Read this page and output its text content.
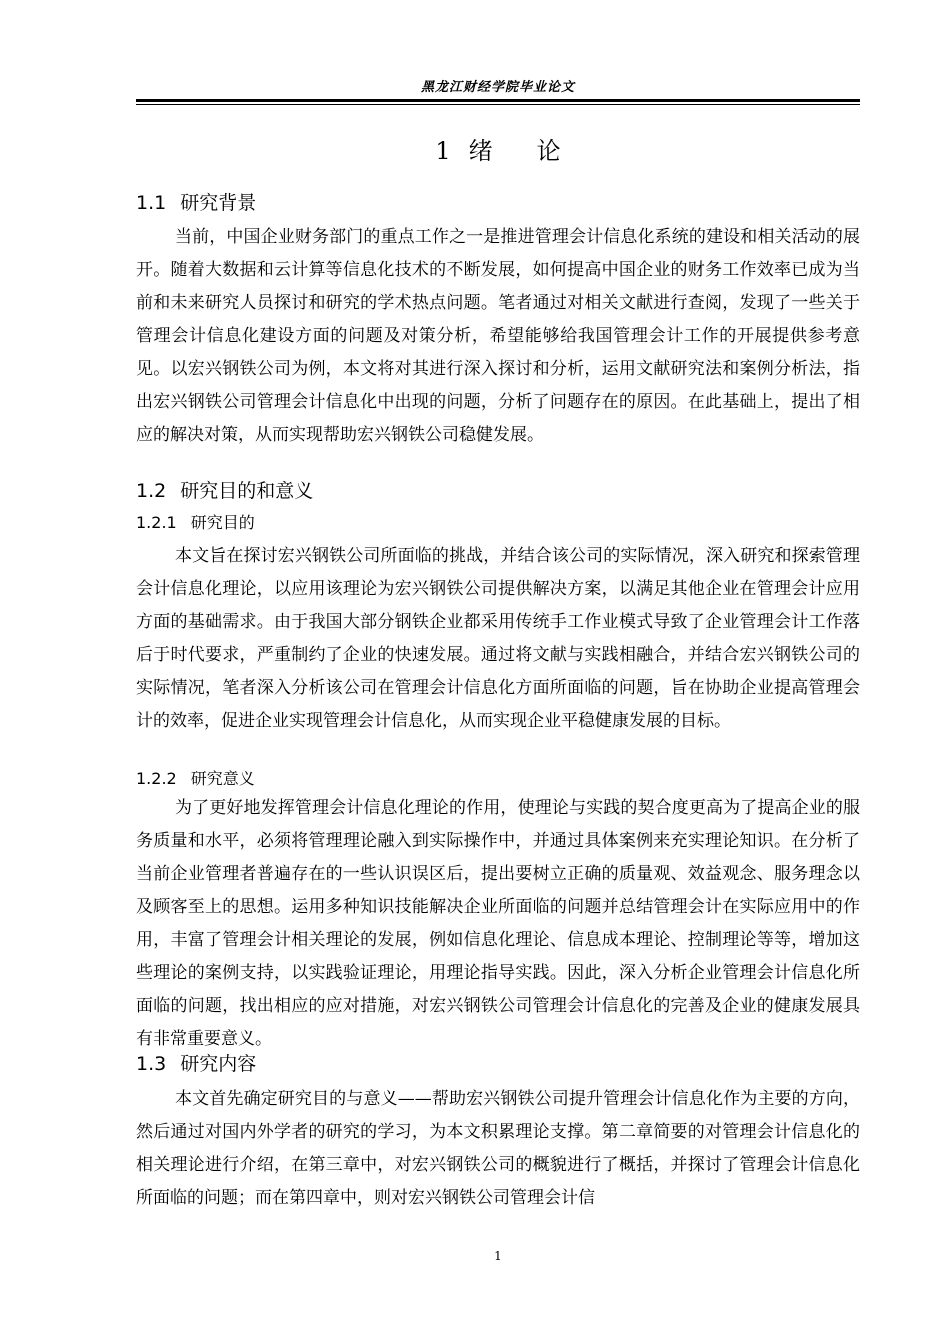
黑龙江财经学院毕业论文
1 绪 论
1.1 研究背景
当前，中国企业财务部门的重点工作之一是推进管理会计信息化系统的建设和相关活动的展开。随着大数据和云计算等信息化技术的不断发展，如何提高中国企业的财务工作效率已成为当前和未来研究人员探讨和研究的学术热点问题。笔者通过对相关文献进行查阅，发现了一些关于管理会计信息化建设方面的问题及对策分析，希望能够给我国管理会计工作的开展提供参考意见。以宏兴钢铁公司为例，本文将对其进行深入探讨和分析，运用文献研究法和案例分析法，指出宏兴钢铁公司管理会计信息化中出现的问题，分析了问题存在的原因。在此基础上，提出了相应的解决对策，从而实现帮助宏兴钢铁公司稳健发展。
1.2 研究目的和意义
1.2.1 研究目的
本文旨在探讨宏兴钢铁公司所面临的挑战，并结合该公司的实际情况，深入研究和探索管理会计信息化理论，以应用该理论为宏兴钢铁公司提供解决方案，以满足其他企业在管理会计应用方面的基础需求。由于我国大部分钢铁企业都采用传统手工作业模式导致了企业管理会计工作落后于时代要求，严重制约了企业的快速发展。通过将文献与实践相融合，并结合宏兴钢铁公司的实际情况，笔者深入分析该公司在管理会计信息化方面所面临的问题，旨在协助企业提高管理会计的效率，促进企业实现管理会计信息化，从而实现企业平稳健康发展的目标。
1.2.2 研究意义
为了更好地发挥管理会计信息化理论的作用，使理论与实践的契合度更高为了提高企业的服务质量和水平，必须将管理理论融入到实际操作中，并通过具体案例来充实理论知识。在分析了当前企业管理者普遍存在的一些认识误区后，提出要树立正确的质量观、效益观念、服务理念以及顾客至上的思想。运用多种知识技能解决企业所面临的问题并总结管理会计在实际应用中的作用，丰富了管理会计相关理论的发展，例如信息化理论、信息成本理论、控制理论等等，增加这些理论的案例支持，以实践验证理论，用理论指导实践。因此，深入分析企业管理会计信息化所面临的问题，找出相应的应对措施，对宏兴钢铁公司管理会计信息化的完善及企业的健康发展具有非常重要意义。
1.3 研究内容
本文首先确定研究目的与意义——帮助宏兴钢铁公司提升管理会计信息化作为主要的方向，然后通过对国内外学者的研究的学习，为本文积累理论支撑。第二章简要的对管理会计信息化的相关理论进行介绍，在第三章中，对宏兴钢铁公司的概貌进行了概括，并探讨了管理会计信息化所面临的问题；而在第四章中，则对宏兴钢铁公司管理会计信
1
